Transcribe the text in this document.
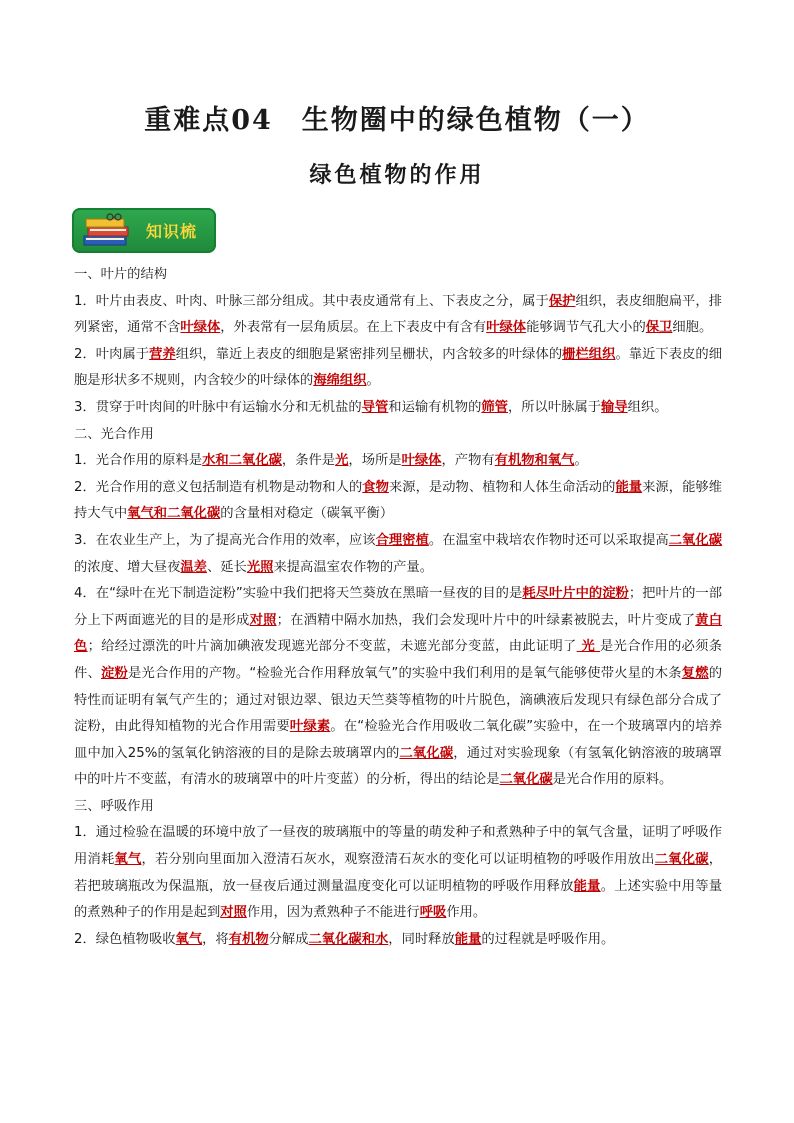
重难点04　生物圈中的绿色植物（一）
绿色植物的作用
知识梳

一、叶片的结构

1．叶片由表皮、叶肉、叶脉三部分组成。其中表皮通常有上、下表皮之分，属于保护组织，表皮细胞扁平，排列紧密，通常不含叶绿体，外表常有一层角质层。在上下表皮中有含有叶绿体能够调节气孔大小的保卫细胞。

2．叶肉属于营养组织，靠近上表皮的细胞是紧密排列呈栅状，内含较多的叶绿体的栅栏组织。靠近下表皮的细胞是形状多不规则，内含较少的叶绿体的海绵组织。

3．贯穿于叶肉间的叶脉中有运输水分和无机盐的导管和运输有机物的筛管，所以叶脉属于输导组织。

二、光合作用

1．光合作用的原料是水和二氧化碳，条件是光，场所是叶绿体，产物有有机物和氧气。

2．光合作用的意义包括制造有机物是动物和人的食物来源，是动物、植物和人体生命活动的能量来源，能够维持大气中氧气和二氧化碳的含量相对稳定（碳氧平衡）

3．在农业生产上，为了提高光合作用的效率，应该合理密植。在温室中栽培农作物时还可以采取提高二氧化碳的浓度、增大昼夜温差、延长光照来提高温室农作物的产量。

4．在“绿叶在光下制造淀粉”实验中我们把将天竺葵放在黑暗一昼夜的目的是耗尽叶片中的淀粉；把叶片的一部分上下两面遮光的目的是形成对照；在酒精中隔水加热，我们会发现叶片中的叶绿素被脱去，叶片变成了黄白色；给经过漂洗的叶片滴加碘液发现遮光部分不变蓝，未遮光部分变蓝，由此证明了 光 是光合作用的必须条件、淀粉是光合作用的产物。“检验光合作用释放氧气”的实验中我们利用的是氧气能够使带火星的木条复燃的特性而证明有氧气产生的；通过对银边翠、银边天竺葵等植物的叶片脱色，滴碘液后发现只有绿色部分合成了淀粉，由此得知植物的光合作用需要叶绿素。在“检验光合作用吸收二氧化碳”实验中，在一个玻璃罩内的培养皿中加入25%的氢氧化钠溶液的目的是除去玻璃罩内的二氧化碳，通过对实验现象（有氢氧化钠溶液的玻璃罩中的叶片不变蓝，有清水的玻璃罩中的叶片变蓝）的分析，得出的结论是二氧化碳是光合作用的原料。

三、呼吸作用

1．通过检验在温暖的环境中放了一昼夜的玻璃瓶中的等量的萌发种子和煮熟种子中的氧气含量，证明了呼吸作用消耗氧气，若分别向里面加入澄清石灰水，观察澄清石灰水的变化可以证明植物的呼吸作用放出二氧化碳，若把玻璃瓶改为保温瓶，放一昼夜后通过测量温度变化可以证明植物的呼吸作用释放能量。上述实验中用等量的煮熟种子的作用是起到对照作用，因为煮熟种子不能进行呼吸作用。

2．绿色植物吸收氧气，将有机物分解成二氧化碳和水，同时释放能量的过程就是呼吸作用。
